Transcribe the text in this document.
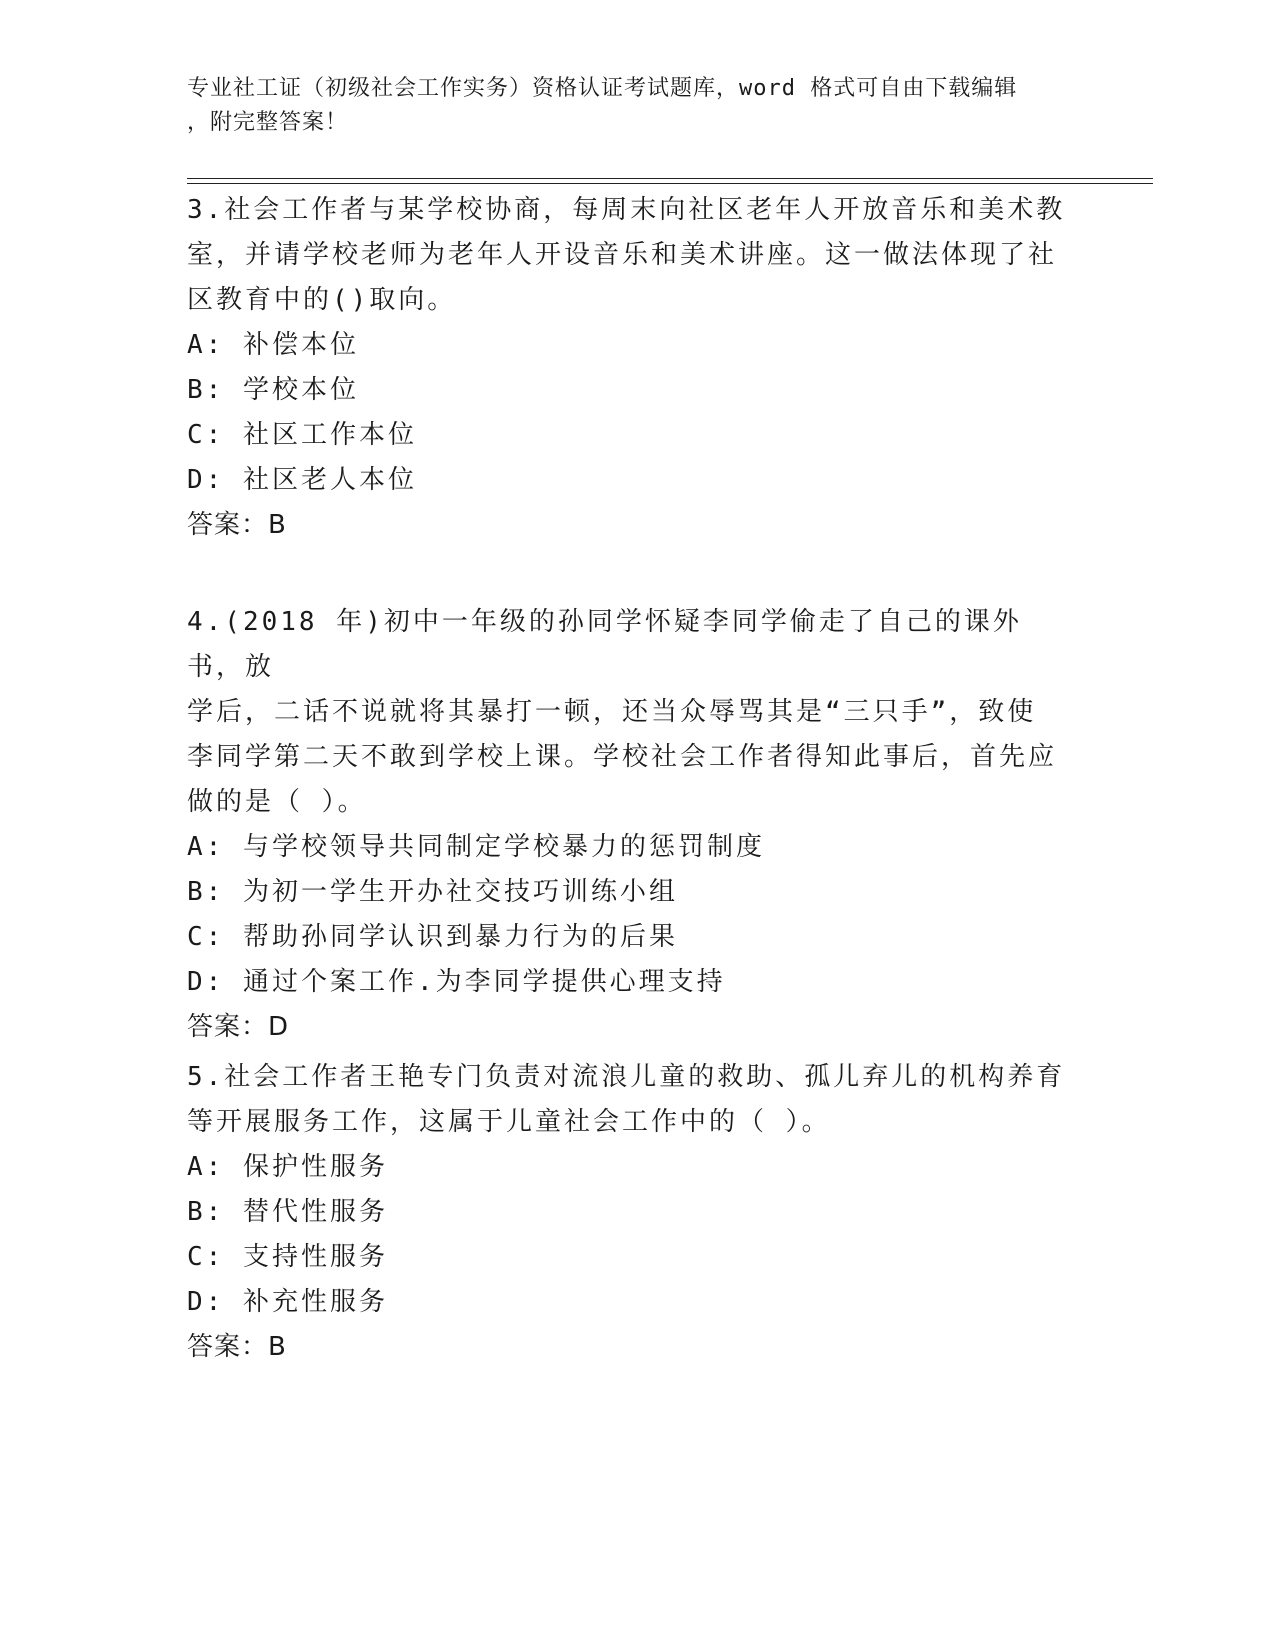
专业社工证（初级社会工作实务）资格认证考试题库，word 格式可自由下载编辑
，附完整答案！

3.社会工作者与某学校协商，每周末向社区老年人开放音乐和美术教

室，并请学校老师为老年人开设音乐和美术讲座。这一做法体现了社

区教育中的()取向。

A: 补偿本位

B: 学校本位

C: 社区工作本位

D: 社区老人本位

答案：B

4.(2018 年)初中一年级的孙同学怀疑李同学偷走了自己的课外书，放

学后，二话不说就将其暴打一顿，还当众辱骂其是“三只手”，致使

李同学第二天不敢到学校上课。学校社会工作者得知此事后，首先应

做的是（ ）。

A: 与学校领导共同制定学校暴力的惩罚制度

B: 为初一学生开办社交技巧训练小组

C: 帮助孙同学认识到暴力行为的后果

D: 通过个案工作.为李同学提供心理支持

答案：D

5.社会工作者王艳专门负责对流浪儿童的救助、孤儿弃儿的机构养育

等开展服务工作，这属于儿童社会工作中的（ ）。

A: 保护性服务

B: 替代性服务

C: 支持性服务

D: 补充性服务

答案：B
